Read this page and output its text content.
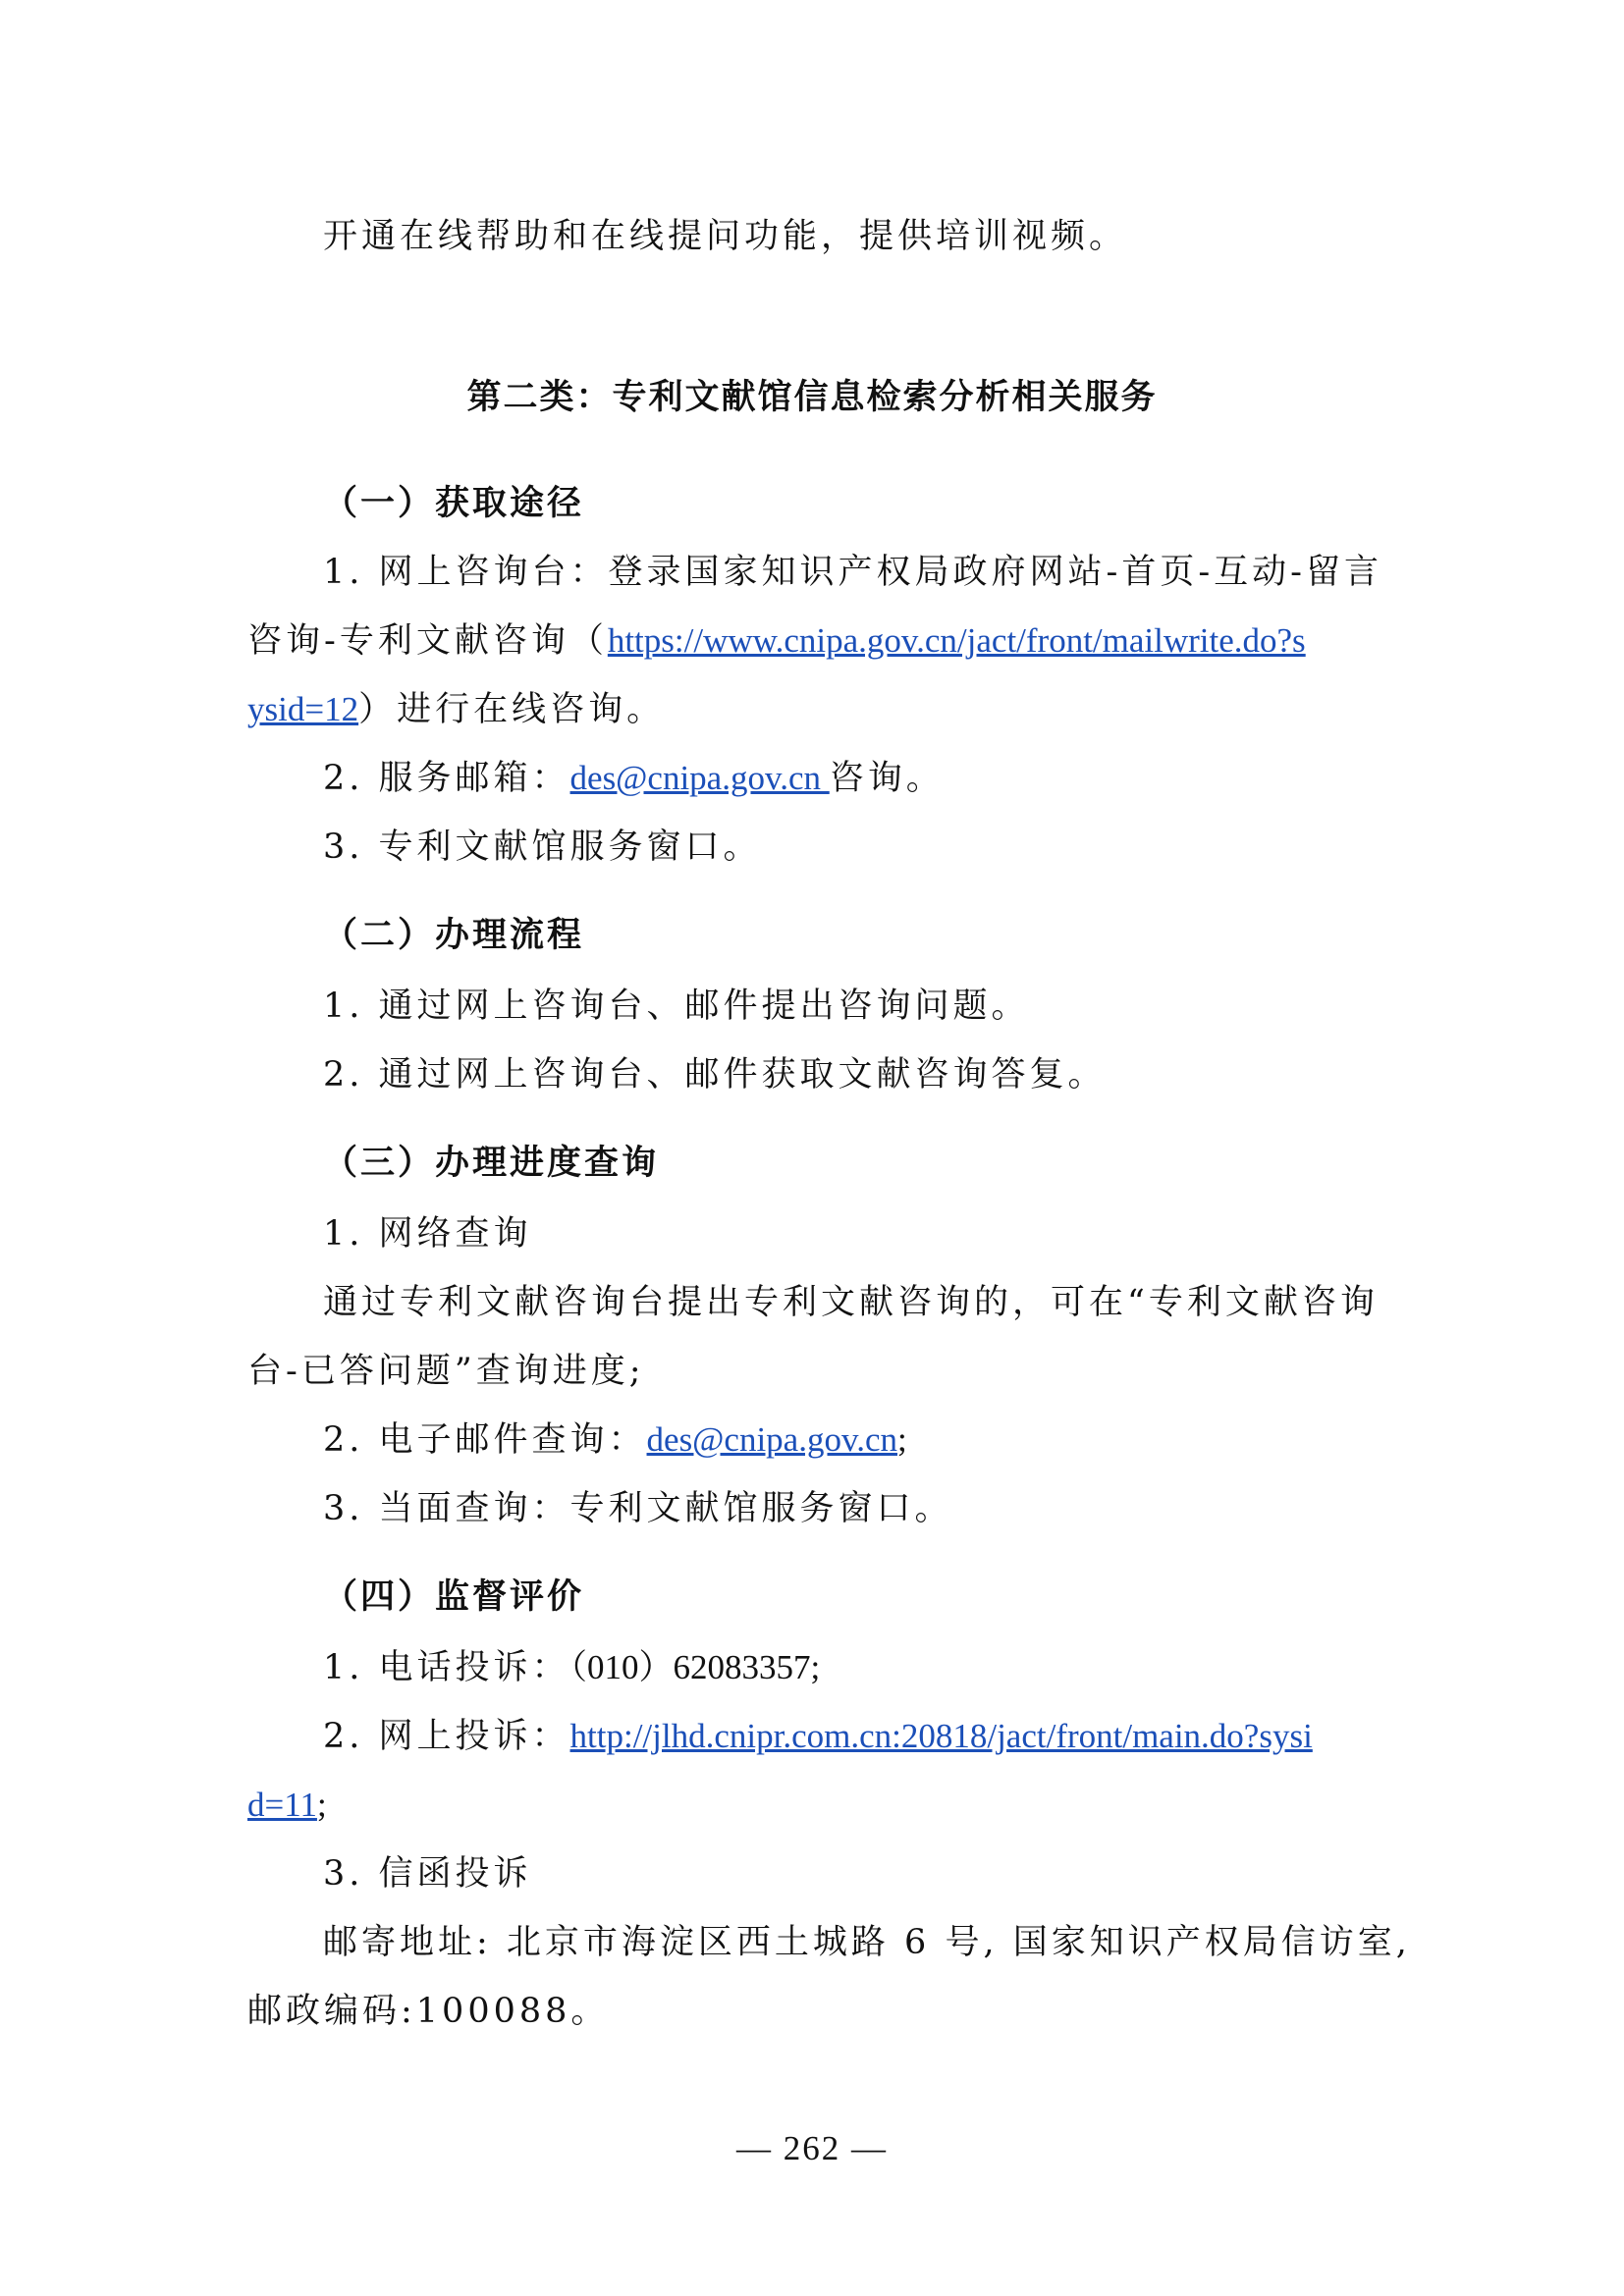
开通在线帮助和在线提问功能，提供培训视频。
第二类：专利文献馆信息检索分析相关服务
（一）获取途径
1. 网上咨询台：登录国家知识产权局政府网站-首页-互动-留言
咨询-专利文献咨询（https://www.cnipa.gov.cn/jact/front/mailwrite.do?s
ysid=12）进行在线咨询。
2. 服务邮箱：des@cnipa.gov.cn 咨询。
3. 专利文献馆服务窗口。
（二）办理流程
1. 通过网上咨询台、邮件提出咨询问题。
2. 通过网上咨询台、邮件获取文献咨询答复。
（三）办理进度查询
1. 网络查询
通过专利文献咨询台提出专利文献咨询的，可在“专利文献咨询
台-已答问题”查询进度;
2. 电子邮件查询：des@cnipa.gov.cn;
3. 当面查询：专利文献馆服务窗口。
（四）监督评价
1. 电话投诉：（010）62083357;
2. 网上投诉：http://jlhd.cnipr.com.cn:20818/jact/front/main.do?sysi
d=11;
3. 信函投诉
邮寄地址: 北京市海淀区西土城路 6 号, 国家知识产权局信访室,
邮政编码:100088。
— 262 —
